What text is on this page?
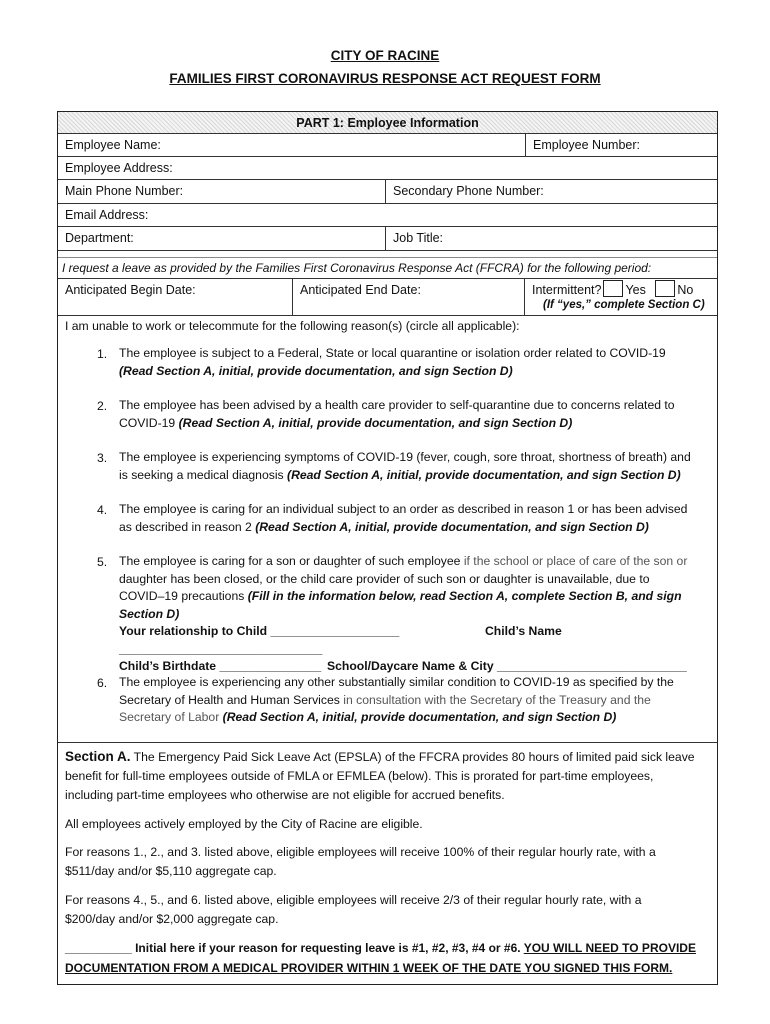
CITY OF RACINE
FAMILIES FIRST CORONAVIRUS RESPONSE ACT REQUEST FORM
PART 1: Employee Information
Employee Name:	Employee Number:
Employee Address:
Main Phone Number:	Secondary Phone Number:
Email Address:
Department:	Job Title:
I request a leave as provided by the Families First Coronavirus Response Act (FFCRA) for the following period:
Anticipated Begin Date:	Anticipated End Date:	Intermittent? Yes	No
(If “yes,” complete Section C)
I am unable to work or telecommute for the following reason(s) (circle all applicable):
1. The employee is subject to a Federal, State or local quarantine or isolation order related to COVID-19
(Read Section A, initial, provide documentation, and sign Section D)
2. The employee has been advised by a health care provider to self-quarantine due to concerns related to
COVID-19 (Read Section A, initial, provide documentation, and sign Section D)
3. The employee is experiencing symptoms of COVID-19 (fever, cough, sore throat, shortness of breath) and
is seeking a medical diagnosis (Read Section A, initial, provide documentation, and sign Section D)
4. The employee is caring for an individual subject to an order as described in reason 1 or has been advised
as described in reason 2 (Read Section A, initial, provide documentation, and sign Section D)
5. The employee is caring for a son or daughter of such employee if the school or place of care of the son or
daughter has been closed, or the child care provider of such son or daughter is unavailable, due to
COVID–19 precautions (Fill in the information below, read Section A, complete Section B, and sign
Section D)
Your relationship to Child ___________________	Child’s Name ______________________________
Child’s Birthdate _______________ School/Daycare Name & City ____________________________
6. The employee is experiencing any other substantially similar condition to COVID-19 as specified by the
Secretary of Health and Human Services in consultation with the Secretary of the Treasury and the
Secretary of Labor (Read Section A, initial, provide documentation, and sign Section D)
Section A. The Emergency Paid Sick Leave Act (EPSLA) of the FFCRA provides 80 hours of limited paid sick leave
benefit for full-time employees outside of FMLA or EFMLEA (below). This is prorated for part-time employees,
including part-time employees who otherwise are not eligible for accrued benefits.
All employees actively employed by the City of Racine are eligible.
For reasons 1., 2., and 3. listed above, eligible employees will receive 100% of their regular hourly rate, with a
$511/day and/or $5,110 aggregate cap.
For reasons 4., 5., and 6. listed above, eligible employees will receive 2/3 of their regular hourly rate, with a
$200/day and/or $2,000 aggregate cap.
__________ Initial here if your reason for requesting leave is #1, #2, #3, #4 or #6. YOU WILL NEED TO PROVIDE
DOCUMENTATION FROM A MEDICAL PROVIDER WITHIN 1 WEEK OF THE DATE YOU SIGNED THIS FORM.
